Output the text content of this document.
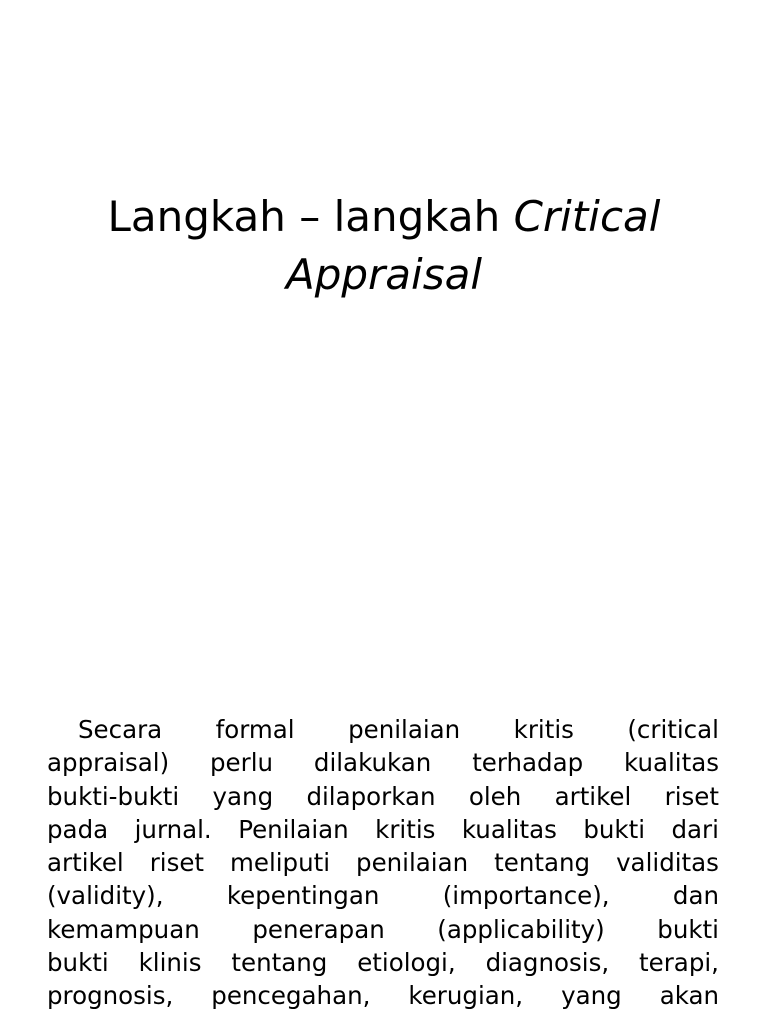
Langkah – langkah Critical
Appraisal
Secara formal penilaian kritis (critical
appraisal) perlu dilakukan terhadap kualitas
bukti-bukti yang dilaporkan oleh artikel riset
pada jurnal. Penilaian kritis kualitas bukti dari
artikel riset meliputi penilaian tentang validitas
(validity),	kepentingan	(importance),	dan
kemampuan penerapan (applicability) bukti
bukti klinis tentang etiologi, diagnosis, terapi,
prognosis, pencegahan, kerugian, yang akan
